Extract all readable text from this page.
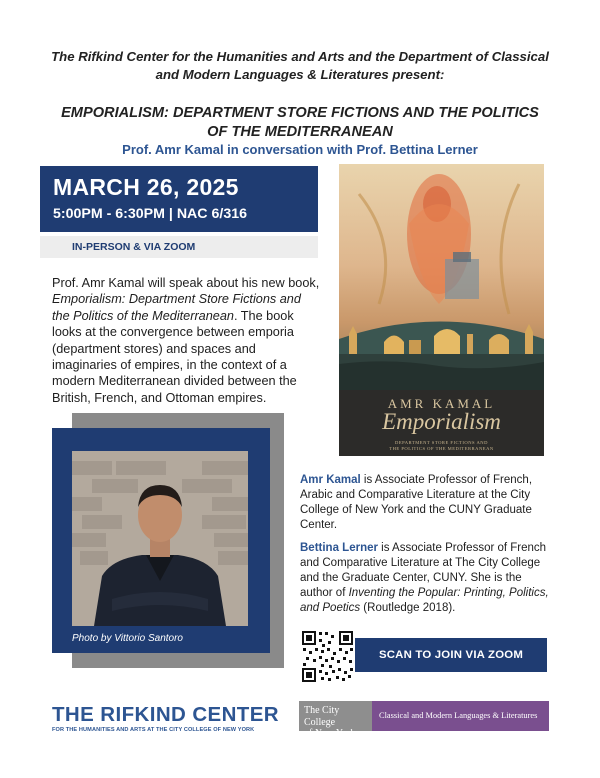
The Rifkind Center for the Humanities and Arts and the Department of Classical
and Modern Languages & Literatures present:
EMPORIALISM: DEPARTMENT STORE FICTIONS AND THE POLITICS
OF THE MEDITERRANEAN
Prof. Amr Kamal in conversation with Prof. Bettina Lerner
MARCH 26, 2025
5:00PM - 6:30PM | NAC 6/316
IN-PERSON & VIA ZOOM
Prof. Amr Kamal will speak about his new book, Emporialism: Department Store Fictions and the Politics of the Mediterranean. The book looks at the convergence between emporia (department stores) and spaces and imaginaries of empires, in the context of a modern Mediterranean divided between the British, French, and Ottoman empires.	AMR KAMAL
Emporialism
DEPARTMENT STORE FICTIONS AND
THE POLITICS OF THE MEDITERRANEAN
Photo by Vittorio Santoro
Amr Kamal is Associate Professor of French, Arabic and Comparative Literature at the City College of New York and the CUNY Graduate Center.
Bettina Lerner is Associate Professor of French and Comparative Literature at The City College and the Graduate Center, CUNY. She is the author of Inventing the Popular: Printing, Politics, and Poetics (Routledge 2018).
SCAN TO JOIN VIA ZOOM
THE RIFKIND CENTER
FOR THE HUMANITIES AND ARTS AT THE CITY COLLEGE OF NEW YORK
The City College
of New York
Classical and Modern Languages & Literatures
